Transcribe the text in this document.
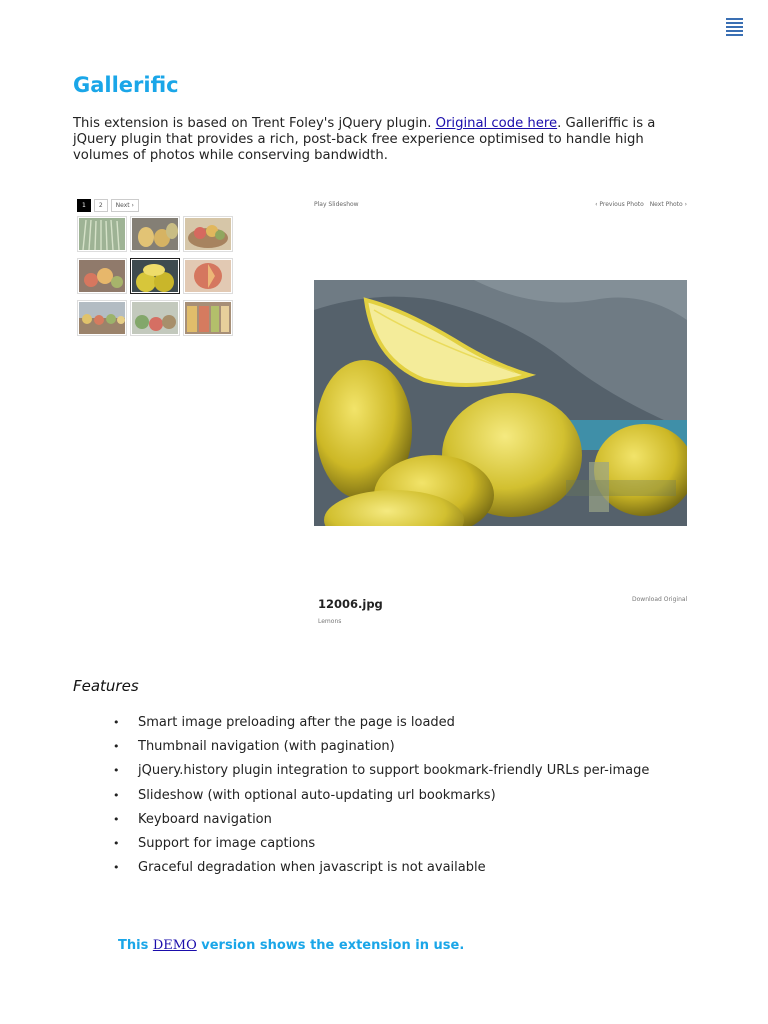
Gallerific
This extension is based on Trent Foley's jQuery plugin. Original code here. Galleriffic is a jQuery plugin that provides a rich, post-back free experience optimised to handle high volumes of photos while conserving bandwidth.
1	2	Next ›	Play Slideshow	‹ Previous Photo Next Photo ›
12006.jpg
Lemons
Download Original
Features
• Smart image preloading after the page is loaded
• Thumbnail navigation (with pagination)
• jQuery.history plugin integration to support bookmark-friendly URLs per-image
• Slideshow (with optional auto-updating url bookmarks)
• Keyboard navigation
• Support for image captions
• Graceful degradation when javascript is not available
This DEMO version shows the extension in use.
